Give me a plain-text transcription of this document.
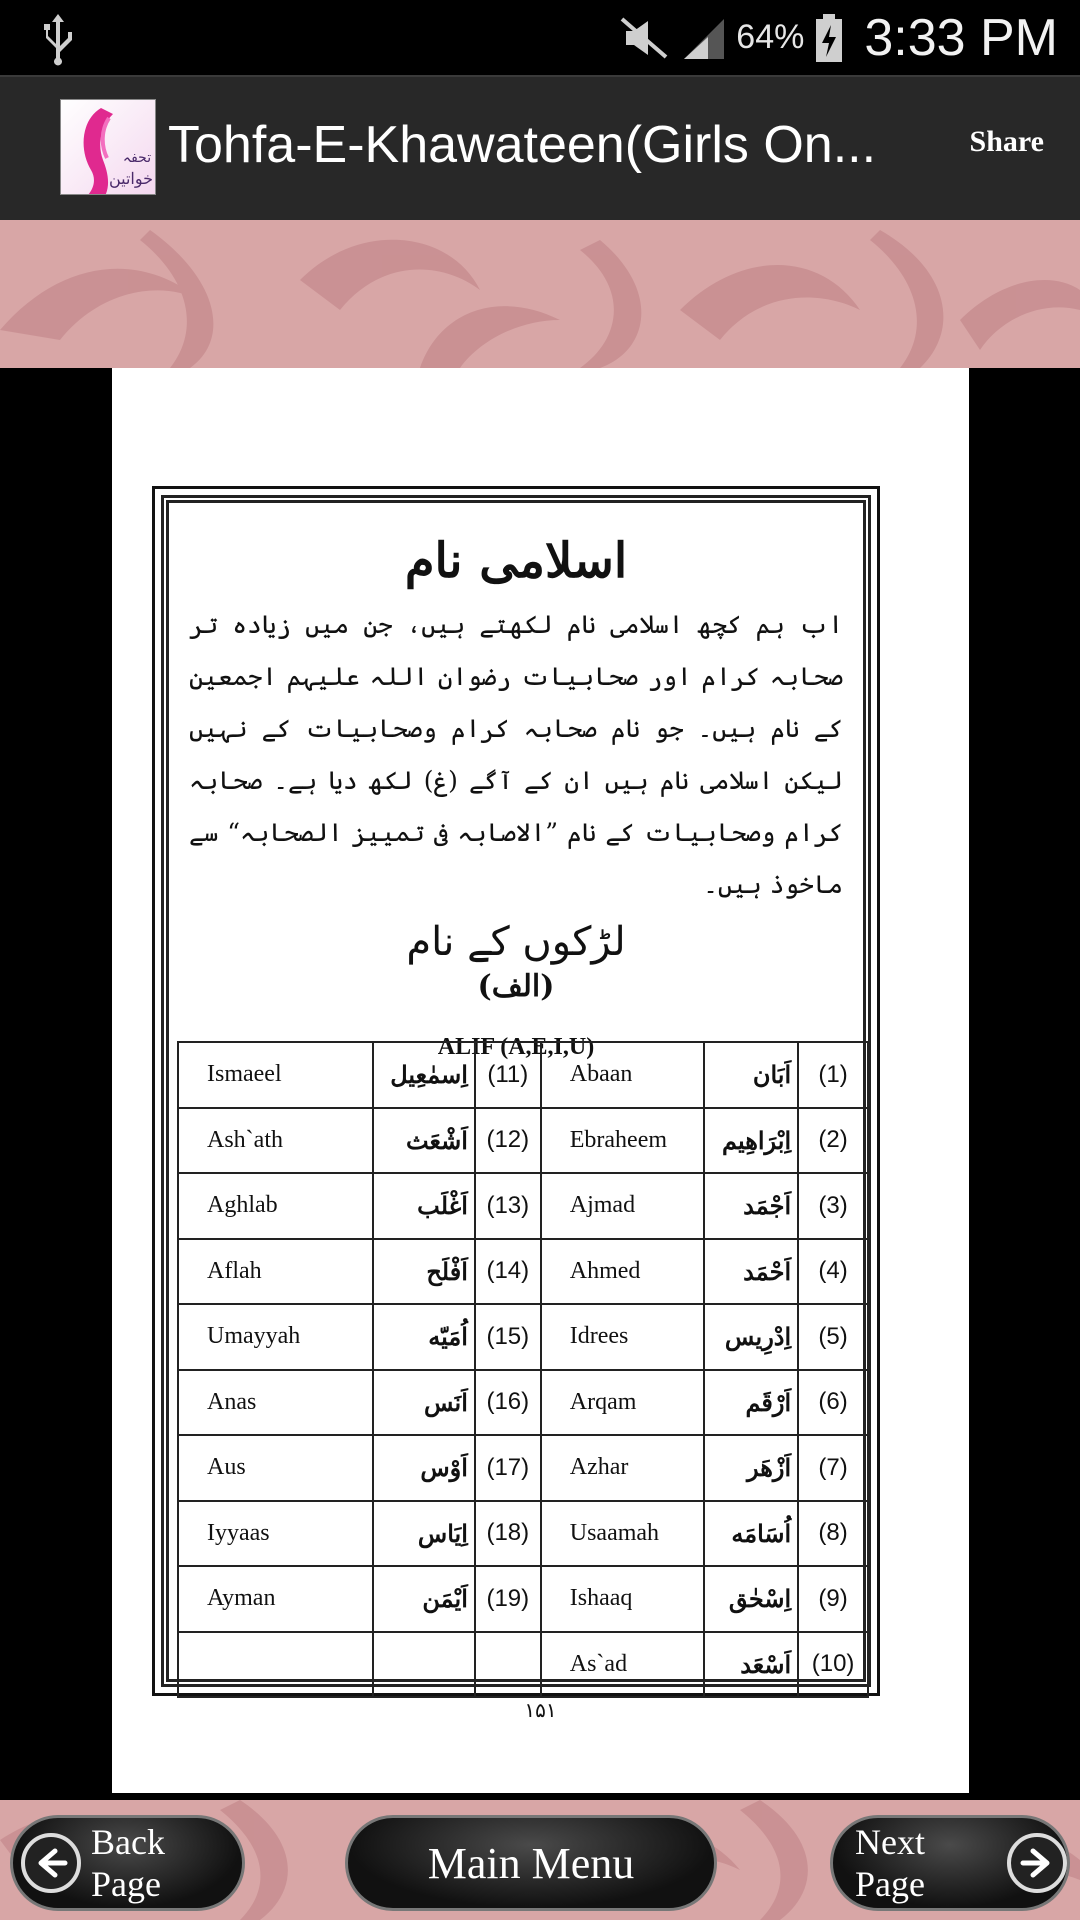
64% 3:33 PM
تحفہ
خواتین
Tohfa-E-Khawateen(Girls On...	Share
اسلامی نام
اب ہم کچھ اسلامی نام لکھتے ہیں، جن میں زیادہ تر صحابہ کرام اور صحابیات رضوان اللہ علیہم اجمعین کے نام ہیں۔ جو نام صحابہ کرام وصحابیات کے نہیں لیکن اسلامی نام ہیں ان کے آگے (غ) لکھ دیا ہے۔ صحابہ کرام وصحابیات کے نام ”الاصابہ فی تمییز الصحابہ“ سے ماخوذ ہیں۔
لڑکوں کے نام
(الف)
ALIF (A,E,I,U)
Ismaeel	اِسمٰعِیل	(11)	Abaan	اَبَان	(1)
Ash`ath	اَشْعَث	(12)	Ebraheem	اِبْرَاهِیم	(2)
Aghlab	اَغْلَب	(13)	Ajmad	اَجْمَد	(3)
Aflah	اَفْلَح	(14)	Ahmed	اَحْمَد	(4)
Umayyah	اُمَیّه	(15)	Idrees	اِدْرِیس	(5)
Anas	اَنَس	(16)	Arqam	اَرْقَم	(6)
Aus	اَوْس	(17)	Azhar	اَزْهَر	(7)
Iyyaas	اِیَاس	(18)	Usaamah	اُسَامَه	(8)
Ayman	اَیْمَن	(19)	Ishaaq	اِسْحٰق	(9)
			As`ad	اَسْعَد	(10)
۱۵۱
Back Page	Main Menu	Next Page
